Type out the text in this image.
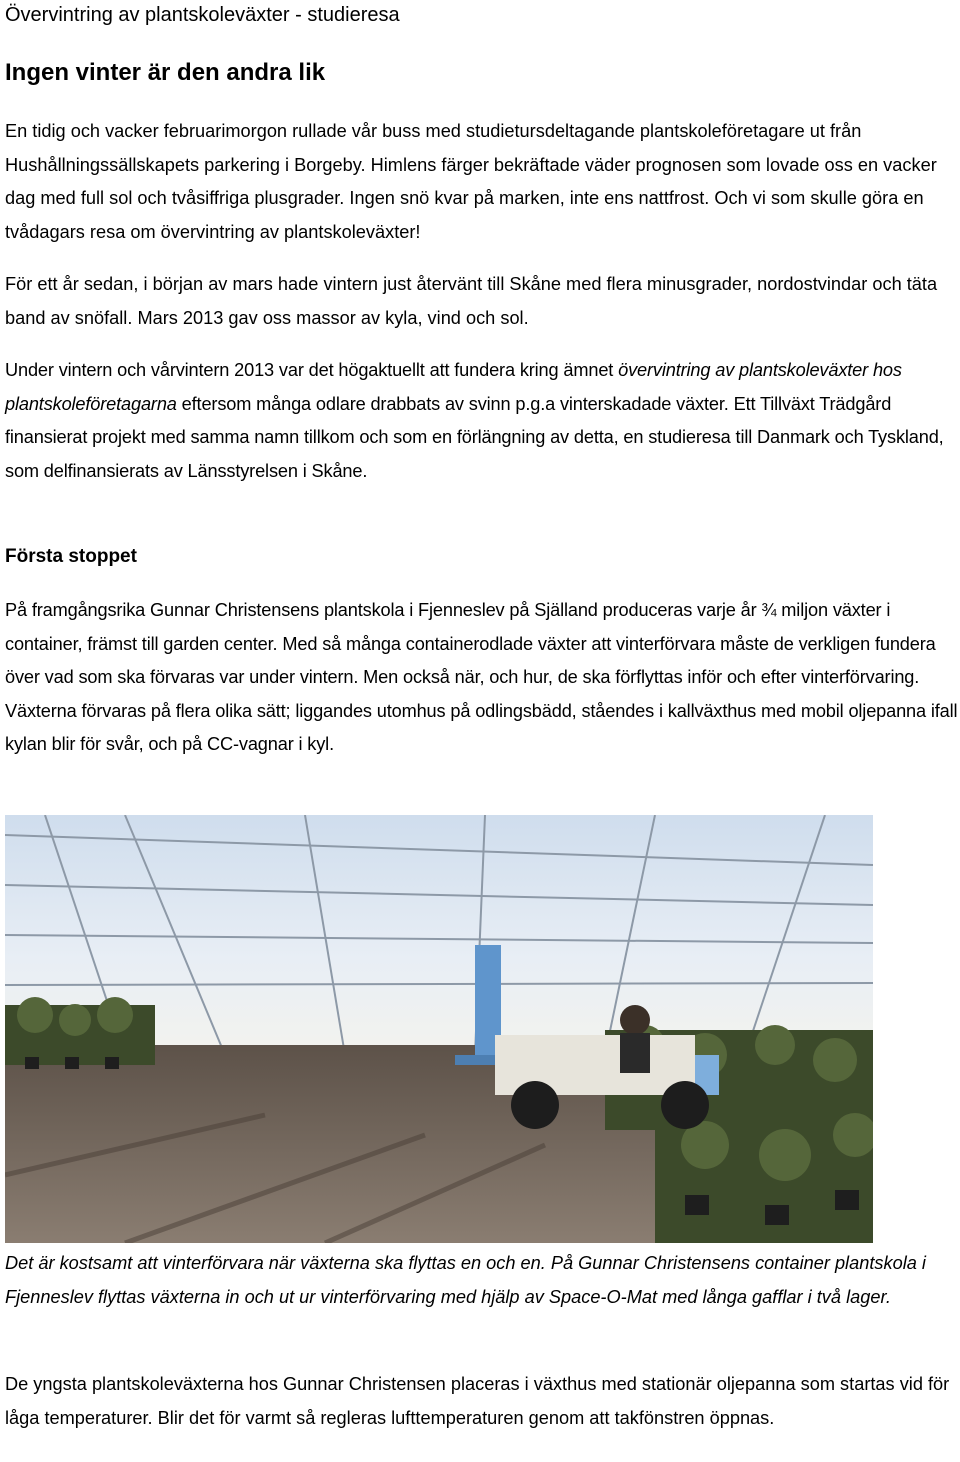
Övervintring av plantskoleväxter - studieresa
Ingen vinter är den andra lik

En tidig och vacker februarimorgon rullade vår buss med studietursdeltagande plantskoleföretagare ut från Hushållningssällskapets parkering i Borgeby. Himlens färger bekräftade väder prognosen som lovade oss en vacker dag med full sol och tvåsiffriga plusgrader. Ingen snö kvar på marken, inte ens nattfrost. Och vi som skulle göra en tvådagars resa om övervintring av plantskoleväxter!

För ett år sedan, i början av mars hade vintern just återvänt till Skåne med flera minusgrader, nordostvindar och täta band av snöfall. Mars 2013 gav oss massor av kyla, vind och sol.

Under vintern och vårvintern 2013 var det högaktuellt att fundera kring ämnet övervintring av plantskoleväxter hos plantskoleföretagarna eftersom många odlare drabbats av svinn p.g.a vinterskadade växter. Ett Tillväxt Trädgård finansierat projekt med samma namn tillkom och som en förlängning av detta, en studieresa till Danmark och Tyskland, som delfinansierats av Länsstyrelsen i Skåne.

Första stoppet

På framgångsrika Gunnar Christensens plantskola i Fjenneslev på Själland produceras varje år ¾ miljon växter i container, främst till garden center. Med så många containerodlade växter att vinterförvara måste de verkligen fundera över vad som ska förvaras var under vintern. Men också när, och hur, de ska förflyttas inför och efter vinterförvaring. Växterna förvaras på flera olika sätt; liggandes utomhus på odlingsbädd, ståendes i kallväxthus med mobil oljepanna ifall kylan blir för svår, och på CC-vagnar i kyl.

Det är kostsamt att vinterförvara när växterna ska flyttas en och en. På Gunnar Christensens container plantskola i Fjenneslev flyttas växterna in och ut ur vinterförvaring med hjälp av Space-O-Mat med långa gafflar i två lager.

De yngsta plantskoleväxterna hos Gunnar Christensen placeras i växthus med stationär oljepanna som startas vid för låga temperaturer. Blir det för varmt så regleras lufttemperaturen genom att takfönstren öppnas.
